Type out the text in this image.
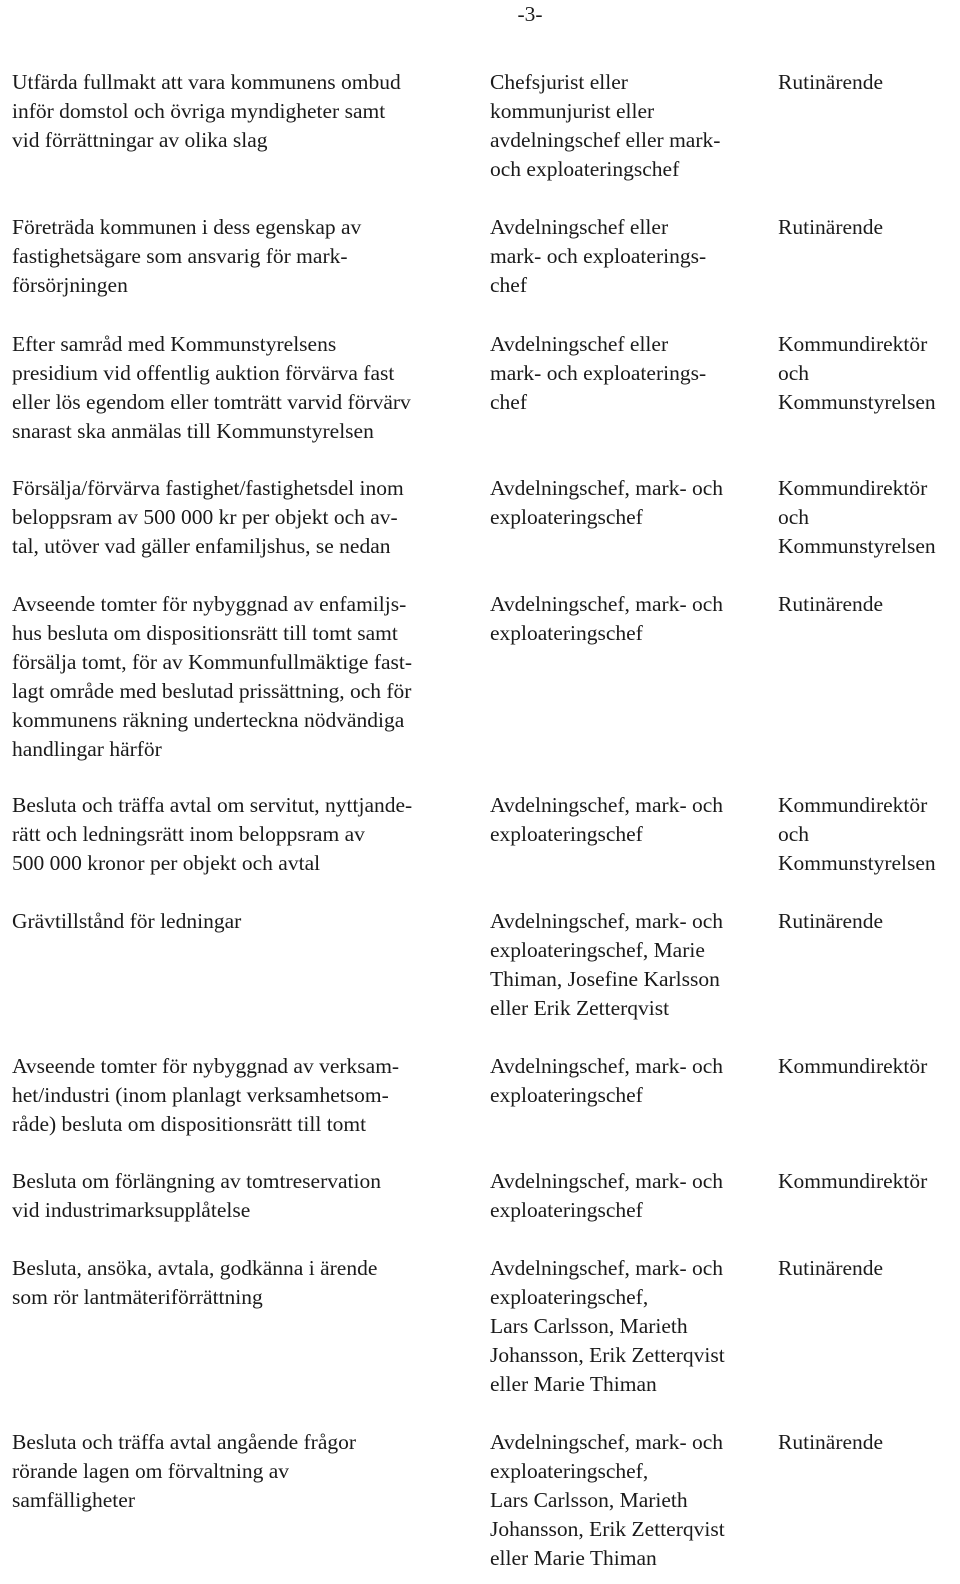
-3-
Utfärda fullmakt att vara kommunens ombud
inför domstol och övriga myndigheter samt
vid förrättningar av olika slag
Chefsjurist eller
kommunjurist eller
avdelningschef eller mark-
och exploateringschef
Rutinärende
Företräda kommunen i dess egenskap av
fastighetsägare som ansvarig för mark-
försörjningen
Avdelningschef eller
mark- och exploaterings-
chef
Rutinärende
Efter samråd med Kommunstyrelsens
presidium vid offentlig auktion förvärva fast
eller lös egendom eller tomträtt varvid förvärv
snarast ska anmälas till Kommunstyrelsen
Avdelningschef eller
mark- och exploaterings-
chef
Kommundirektör
och
Kommunstyrelsen
Försälja/förvärva fastighet/fastighetsdel inom
beloppsram av 500 000 kr per objekt och av-
tal, utöver vad gäller enfamiljshus, se nedan
Avdelningschef, mark- och
exploateringschef
Kommundirektör
och
Kommunstyrelsen
Avseende tomter för nybyggnad av enfamiljs-
hus besluta om dispositionsrätt till tomt samt
försälja tomt, för av Kommunfullmäktige fast-
lagt område med beslutad prissättning, och för
kommunens räkning underteckna nödvändiga
handlingar härför
Avdelningschef, mark- och
exploateringschef
Rutinärende
Besluta och träffa avtal om servitut, nyttjande-
rätt och ledningsrätt inom beloppsram av
500 000 kronor per objekt och avtal
Avdelningschef, mark- och
exploateringschef
Kommundirektör
och
Kommunstyrelsen
Grävtillstånd för ledningar	Avdelningschef, mark- och
exploateringschef, Marie
Thiman, Josefine Karlsson
eller Erik Zetterqvist
Rutinärende
Avseende tomter för nybyggnad av verksam-
het/industri (inom planlagt verksamhetsom-
råde) besluta om dispositionsrätt till tomt
Avdelningschef, mark- och
exploateringschef
Kommundirektör
Besluta om förlängning av tomtreservation
vid industrimarksupplåtelse
Avdelningschef, mark- och
exploateringschef
Kommundirektör
Besluta, ansöka, avtala, godkänna i ärende
som rör lantmäteriförrättning
Avdelningschef, mark- och
exploateringschef,
Lars Carlsson, Marieth
Johansson, Erik Zetterqvist
eller Marie Thiman
Rutinärende
Besluta och träffa avtal angående frågor
rörande lagen om förvaltning av
samfälligheter
Avdelningschef, mark- och
exploateringschef,
Lars Carlsson, Marieth
Johansson, Erik Zetterqvist
eller Marie Thiman
Rutinärende
